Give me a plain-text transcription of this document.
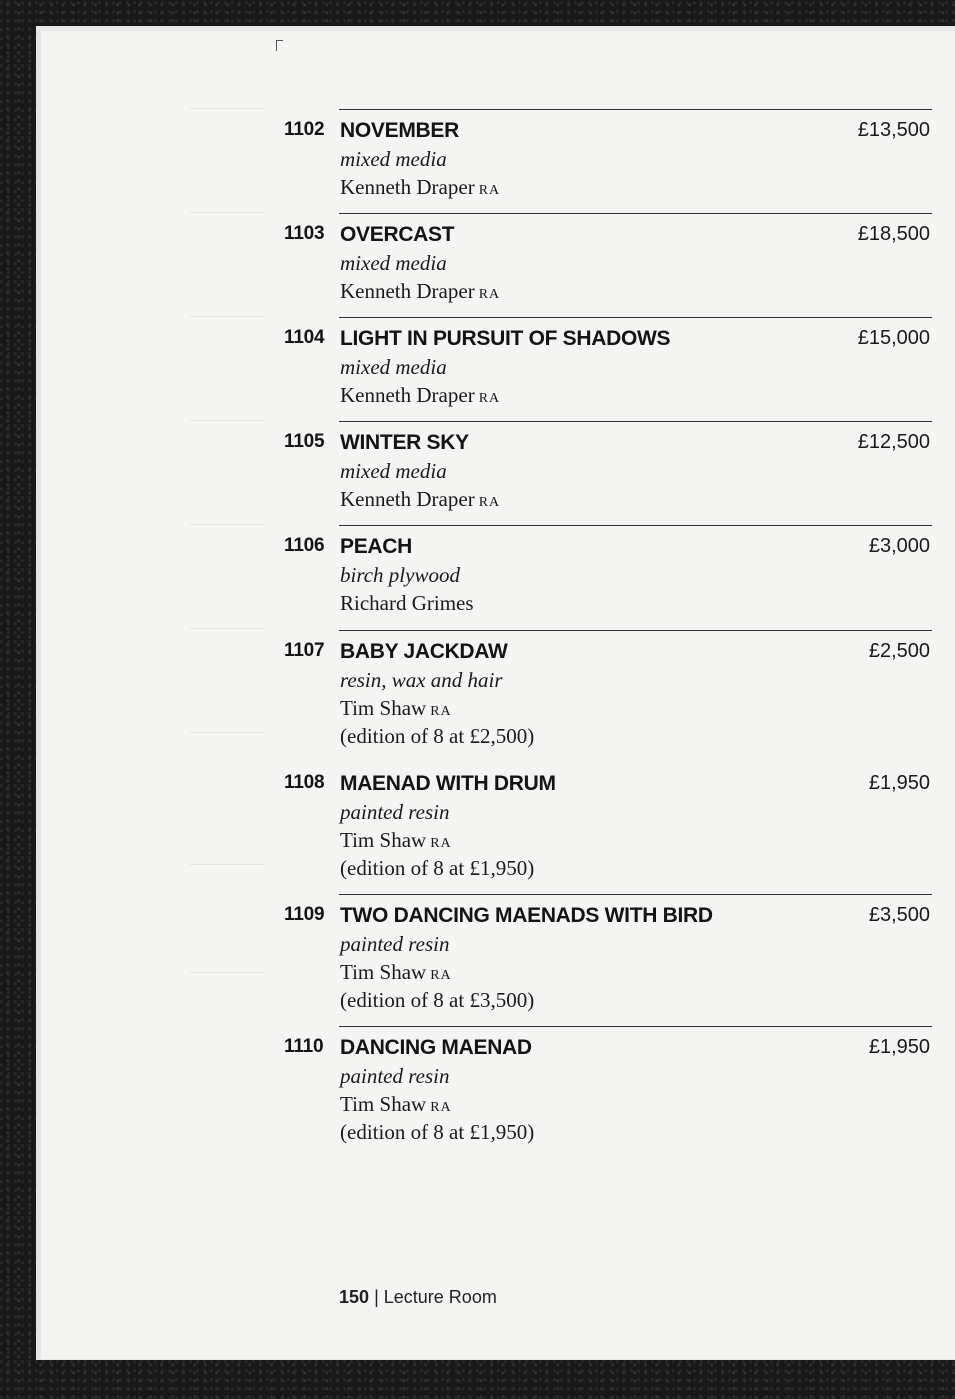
1102 NOVEMBER	£13,500
mixed media
Kenneth Draper RA
1103 OVERCAST	£18,500
mixed media
Kenneth Draper RA
1104 LIGHT IN PURSUIT OF SHADOWS	£15,000
mixed media
Kenneth Draper RA
1105 WINTER SKY	£12,500
mixed media
Kenneth Draper RA
1106 PEACH	£3,000
birch plywood
Richard Grimes
1107 BABY JACKDAW	£2,500
resin, wax and hair
Tim Shaw RA
(edition of 8 at £2,500)
1108 MAENAD WITH DRUM	£1,950
painted resin
Tim Shaw RA
(edition of 8 at £1,950)
1109 TWO DANCING MAENADS WITH BIRD	£3,500
painted resin
Tim Shaw RA
(edition of 8 at £3,500)
1110 DANCING MAENAD	£1,950
painted resin
Tim Shaw RA
(edition of 8 at £1,950)
150 | Lecture Room
